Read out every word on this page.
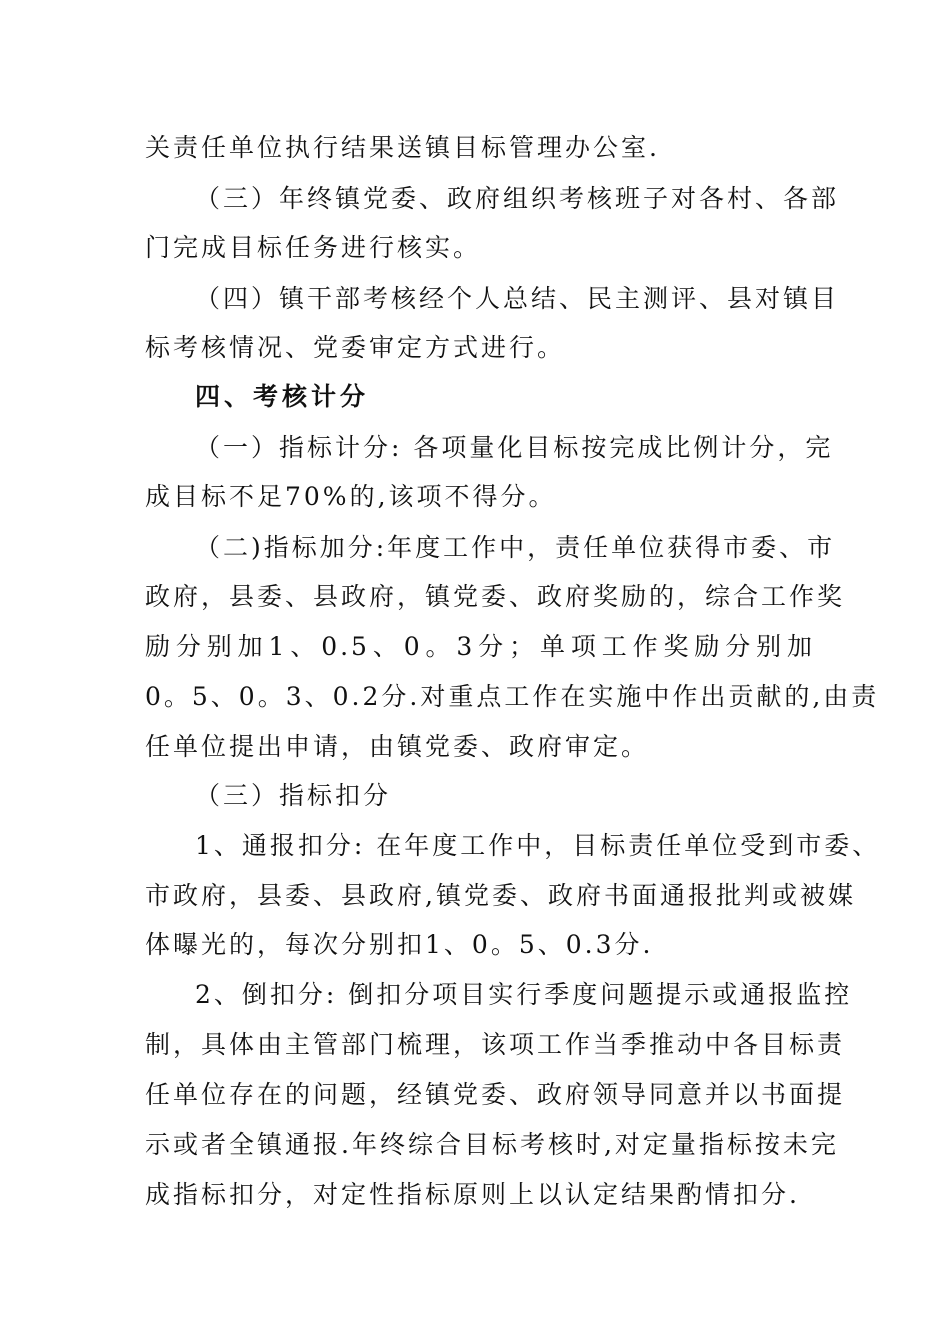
关责任单位执行结果送镇目标管理办公室.
（三）年终镇党委、政府组织考核班子对各村、各部
门完成目标任务进行核实。
（四）镇干部考核经个人总结、民主测评、县对镇目
标考核情况、党委审定方式进行。
四、考核计分
（一）指标计分: 各项量化目标按完成比例计分，完
成目标不足70%的,该项不得分。
（二)指标加分:年度工作中，责任单位获得市委、市
政府，县委、县政府，镇党委、政府奖励的，综合工作奖
励分别加1、0.5、0。3分；单项工作奖励分别加
0。5、0。3、0.2分.对重点工作在实施中作出贡献的,由责
任单位提出申请，由镇党委、政府审定。
（三）指标扣分
1、通报扣分: 在年度工作中，目标责任单位受到市委、
市政府，县委、县政府,镇党委、政府书面通报批判或被媒
体曝光的，每次分别扣1、0。5、0.3分.
2、倒扣分: 倒扣分项目实行季度问题提示或通报监控
制，具体由主管部门梳理，该项工作当季推动中各目标责
任单位存在的问题，经镇党委、政府领导同意并以书面提
示或者全镇通报.年终综合目标考核时,对定量指标按未完
成指标扣分，对定性指标原则上以认定结果酌情扣分.
